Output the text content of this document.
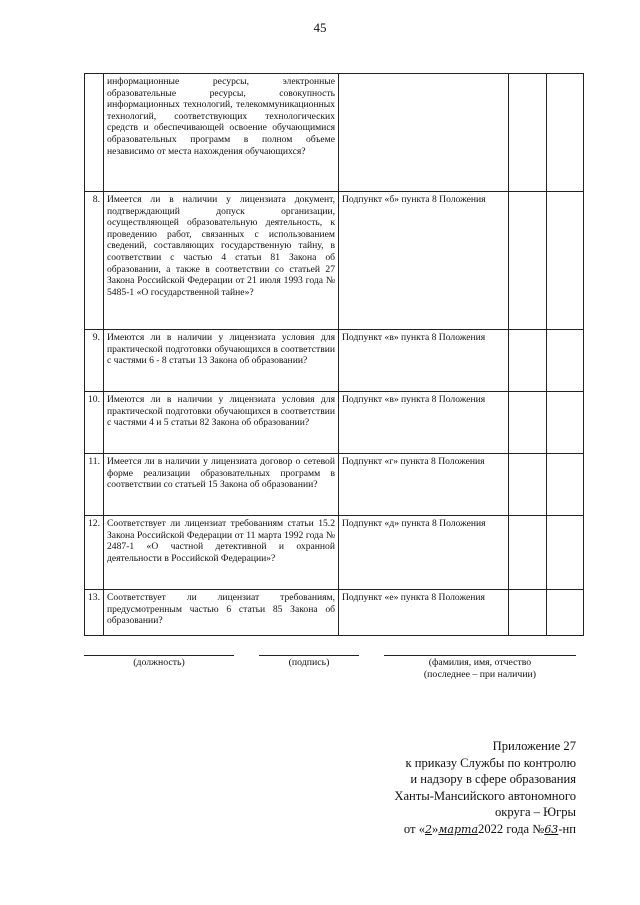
45
	информационные ресурсы, электронные образовательные ресурсы, совокупность информационных технологий, телекоммуникационных технологий, соответствующих технологических средств и обеспечивающей освоение обучающимися образовательных программ в полном объеме независимо от места нахождения обучающихся?			
8.	Имеется ли в наличии у лицензиата документ, подтверждающий допуск организации, осуществляющей образовательную деятельность, к проведению работ, связанных с использованием сведений, составляющих государственную тайну, в соответствии с частью 4 статьи 81 Закона об образовании, а также в соответствии со статьей 27 Закона Российской Федерации от 21 июля 1993 года № 5485-1 «О государственной тайне»?	Подпункт «б» пункта 8 Положения		
9.	Имеются ли в наличии у лицензиата условия для практической подготовки обучающихся в соответствии с частями 6 - 8 статьи 13 Закона об образовании?	Подпункт «в» пункта 8 Положения		
10.	Имеются ли в наличии у лицензиата условия для практической подготовки обучающихся в соответствии с частями 4 и 5 статьи 82 Закона об образовании?	Подпункт «в» пункта 8 Положения		
11.	Имеется ли в наличии у лицензиата договор о сетевой форме реализации образовательных программ в соответствии со статьей 15 Закона об образовании?	Подпункт «г» пункта 8 Положения		
12.	Соответствует ли лицензиат требованиям статьи 15.2 Закона Российской Федерации от 11 марта 1992 года № 2487-1 «О частной детективной и охранной деятельности в Российской Федерации»?	Подпункт «д» пункта 8 Положения		
13.	Соответствует ли лицензиат требованиям, предусмотренным частью 6 статьи 85 Закона об образовании?	Подпункт «е» пункта 8 Положения		
(должность)	(подпись)	(фамилия, имя, отчество
(последнее – при наличии)
Приложение 27
к приказу Службы по контролю
и надзору в сфере образования
Ханты-Мансийского автономного
округа – Югры
от «2»марта2022 года №63-нп
